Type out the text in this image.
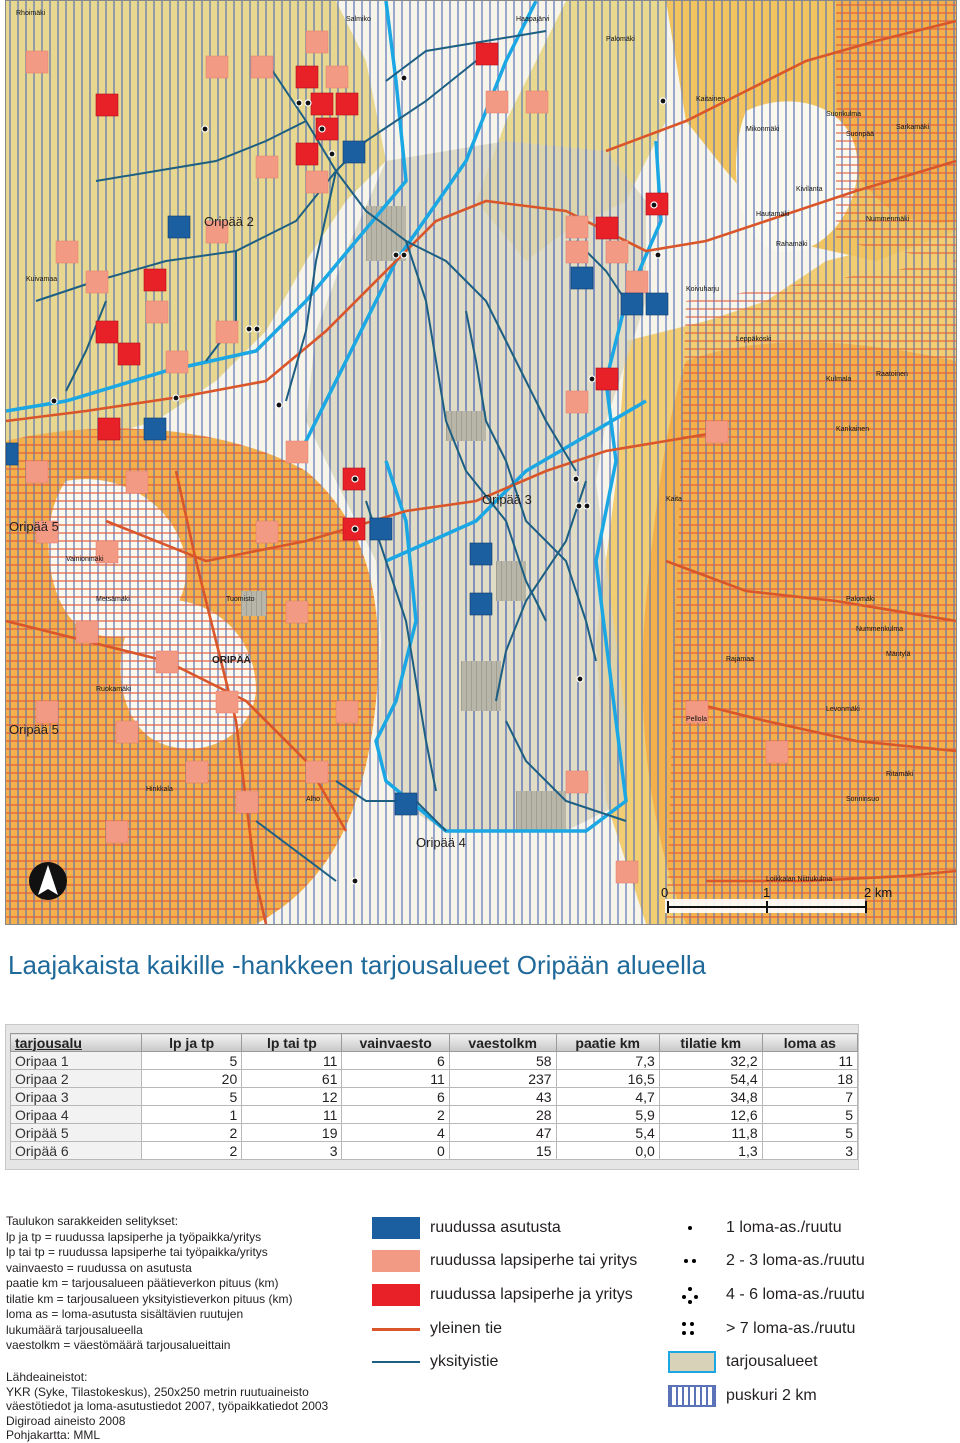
Oripää 2
Oripää 3
Oripää 4
Oripää 5
Oripää 5
ORIPÄÄ
Rhoimäki
Salmiko	Haapajärvi
Palomäki
Kaitainen
Mikonmäki
Suonkulma
Suonpää
Sarkamäki
Nummenmäki
Kuivamaa
Hautamäki
Rahamäki
Kivilanta
Leppäkoski
Koivuharju
Kulmala
Raatoinen
Kankainen
Kaita
Nummenkulma
Palomäki
Mäntylä
Rajamaa
Ritamäki
Vainionmäki
Pellola
Metsämäki
Sonninsuo
Alho
Levonmäki
Loikkalan Niittukulma
Ruokamäki
Tuomisto
Hinkkala
0	1	2 km
Laajakaista kaikille -hankkeen tarjousalueet Oripään alueella
tarjousalu	lp ja tp	lp tai tp	vainvaesto	vaestolkm	paatie km	tilatie km	loma as
Oripaa 1	5	11	6	58	7,3	32,2	11
Oripaa 2	20	61	11	237	16,5	54,4	18
Oripaa 3	5	12	6	43	4,7	34,8	7
Oripaa 4	1	11	2	28	5,9	12,6	5
Oripää 5	2	19	4	47	5,4	11,8	5
Oripää 6	2	3	0	15	0,0	1,3	3
Taulukon sarakkeiden selitykset:
lp ja tp = ruudussa lapsiperhe ja työpaikka/yritys
lp tai tp = ruudussa lapsiperhe tai työpaikka/yritys
vainvaesto = ruudussa on asutusta
paatie km = tarjousalueen päätieverkon pituus (km)
tilatie km = tarjousalueen yksityistieverkon pituus (km)
loma as = loma-asutusta sisältävien ruutujen
lukumäärä tarjousalueella
vaestolkm = väestömäärä tarjousalueittain
Lähdeaineistot:
YKR (Syke, Tilastokeskus), 250x250 metrin ruutuaineisto
väestötiedot ja loma-asutustiedot 2007, työpaikkatiedot 2003
Digiroad aineisto 2008
Pohjakartta: MML
ruudussa asutusta
ruudussa lapsiperhe tai yritys
ruudussa lapsiperhe ja yritys
yleinen tie
yksityistie
1 loma-as./ruutu
2 - 3 loma-as./ruutu
4 - 6 loma-as./ruutu
> 7 loma-as./ruutu
tarjousalueet
puskuri 2 km
